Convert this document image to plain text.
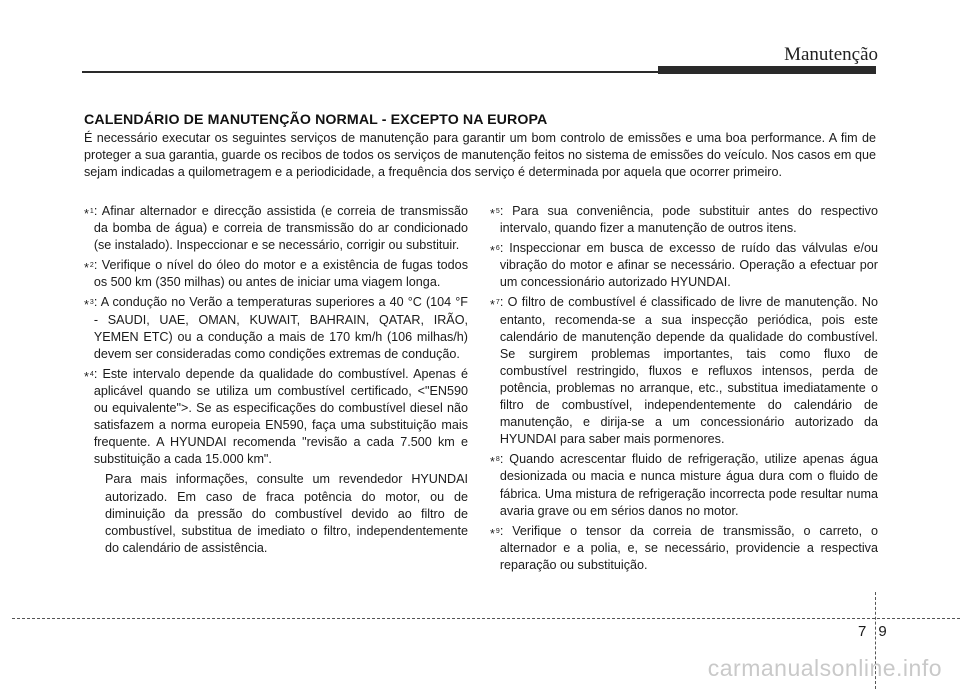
Manutenção
CALENDÁRIO DE MANUTENÇÃO NORMAL - EXCEPTO NA EUROPA
É necessário executar os seguintes serviços de manutenção para garantir um bom controlo de emissões e uma boa performance. A fim de proteger a sua garantia, guarde os recibos de todos os serviços de manutenção feitos no sistema de emissões do veículo. Nos casos em que sejam indicadas a quilometragem e a periodicidade, a frequência dos serviço é determinada por aquela que ocorrer primeiro.
*$^1$ : Afinar alternador e direcção assistida (e correia de transmissão da bomba de água) e correia de transmissão do ar condicionado (se instalado). Inspeccionar e se necessário, corrigir ou substituir.
*$^2$ : Verifique o nível do óleo do motor e a existência de fugas todos os 500 km (350 milhas) ou antes de iniciar uma viagem longa.
*$^3$ : A condução no Verão a temperaturas superiores a 40 °C (104 °F - SAUDI, UAE, OMAN, KUWAIT, BAHRAIN, QATAR, IRÃO, YEMEN ETC) ou a condução a mais de 170 km/h (106 milhas/h) devem ser consideradas como condições extremas de condução.
*$^4$ : Este intervalo depende da qualidade do combustível. Apenas é aplicável quando se utiliza um combustível certificado, <"EN590 ou equivalente">. Se as especificações do combustível diesel não satisfazem a norma europeia EN590, faça uma substituição mais frequente. A HYUNDAI recomenda "revisão a cada 7.500 km e substituição a cada 15.000 km".
Para mais informações, consulte um revendedor HYUNDAI autorizado. Em caso de fraca potência do motor, ou de diminuição da pressão do combustível devido ao filtro de combustível, substitua de imediato o filtro, independentemente do calendário de assistência.
*$^5$ : Para sua conveniência, pode substituir antes do respectivo intervalo, quando fizer a manutenção de outros itens.
*$^6$ : Inspeccionar em busca de excesso de ruído das válvulas e/ou vibração do motor e afinar se necessário. Operação a efectuar por um concessionário autorizado HYUNDAI.
*$^7$ : O filtro de combustível é classificado de livre de manutenção. No entanto, recomenda-se a sua inspecção periódica, pois este calendário de manutenção depende da qualidade do combustível. Se surgirem problemas importantes, tais como fluxo de combustível restringido, fluxos e refluxos intensos, perda de potência, problemas no arranque, etc., substitua imediatamente o filtro de combustível, independentemente do calendário de manutenção, e dirija-se a um concessionário autorizado da HYUNDAI para saber mais pormenores.
*$^8$ : Quando acrescentar fluido de refrigeração, utilize apenas água desionizada ou macia e nunca misture água dura com o fluido de fábrica. Uma mistura de refrigeração incorrecta pode resultar numa avaria grave ou em sérios danos no motor.
*$^9$ : Verifique o tensor da correia de transmissão, o carreto, o alternador e a polia, e, se necessário, providencie a respectiva reparação ou substituição.
79
carmanualsonline.info
